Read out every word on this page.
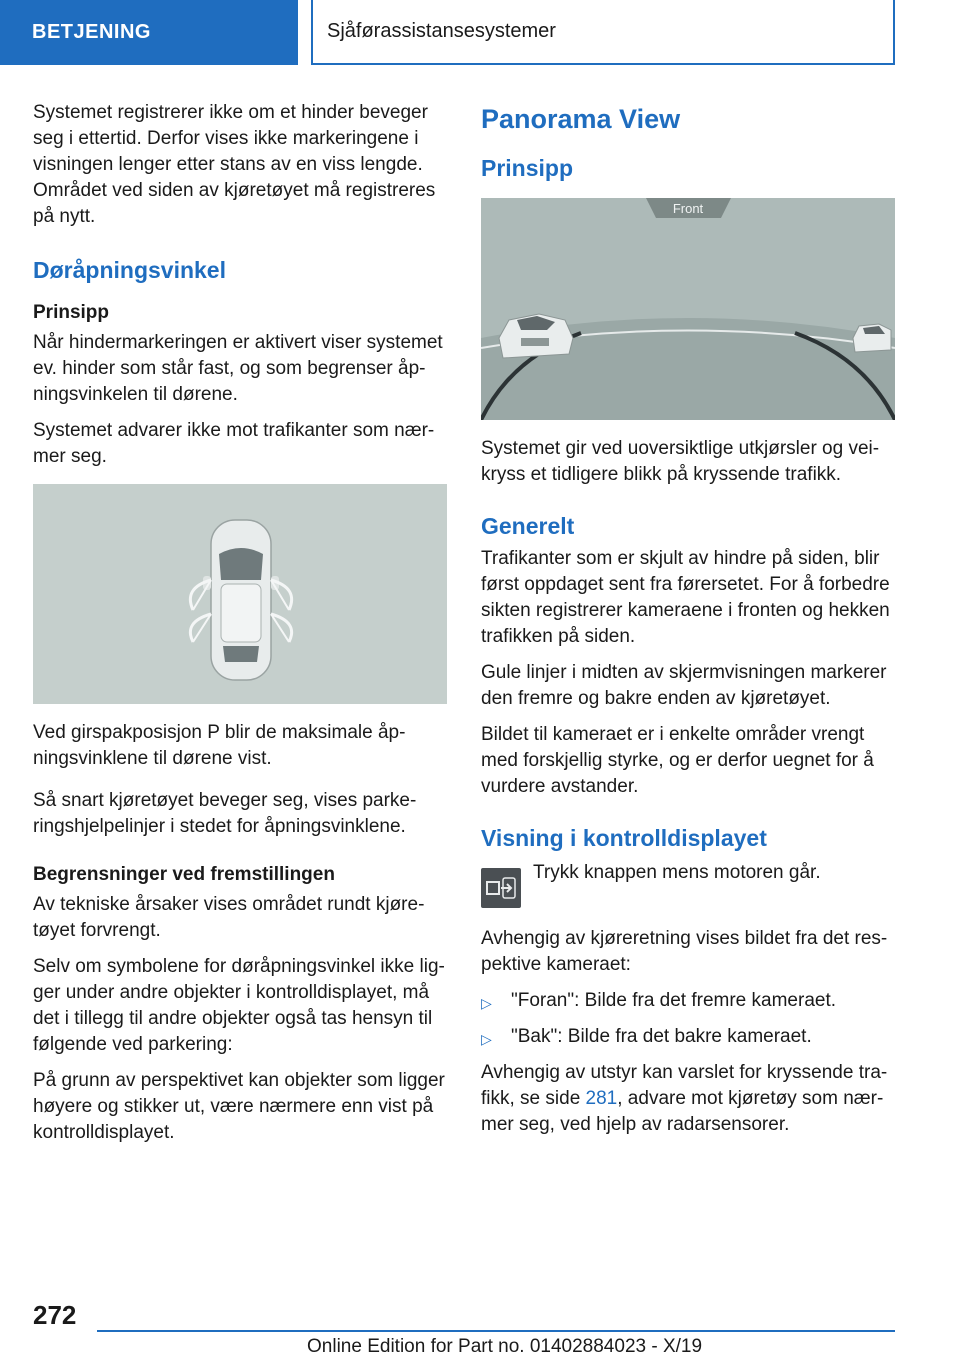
BETJENING	Sjåførassistansesystemer

Systemet registrerer ikke om et hinder beveger seg i ettertid. Derfor vises ikke markeringene i visningen lenger etter stans av en viss lengde. Området ved siden av kjøretøyet må registreres på nytt.

Døråpningsvinkel
Prinsipp

Når hindermarkeringen er aktivert viser systemet ev. hinder som står fast, og som begrenser åpningsvinkelen til dørene.

Systemet advarer ikke mot trafikanter som nærmer seg.

Ved girspakposisjon P blir de maksimale åpningsvinklene til dørene vist.

Så snart kjøretøyet beveger seg, vises parkeringshjelpelinjer i stedet for åpningsvinklene.

Begrensninger ved fremstillingen

Av tekniske årsaker vises området rundt kjøretøyet forvrengt.

Selv om symbolene for døråpningsvinkel ikke ligger under andre objekter i kontrolldisplayet, må det i tillegg til andre objekter også tas hensyn til følgende ved parkering:

På grunn av perspektivet kan objekter som ligger høyere og stikker ut, være nærmere enn vist på kontrolldisplayet.

Panorama View
Prinsipp
Front

Systemet gir ved uoversiktlige utkjørsler og veikryss et tidligere blikk på kryssende trafikk.

Generelt

Trafikanter som er skjult av hindre på siden, blir først oppdaget sent fra førersetet. For å forbedre sikten registrerer kameraene i fronten og hekken trafikken på siden.

Gule linjer i midten av skjermvisningen markerer den fremre og bakre enden av kjøretøyet.

Bildet til kameraet er i enkelte områder vrengt med forskjellig styrke, og er derfor uegnet for å vurdere avstander.

Visning i kontrolldisplayet

Trykk knappen mens motoren går.

Avhengig av kjøreretning vises bildet fra det respektive kameraet:

▷	"Foran": Bilde fra det fremre kameraet.
▷	"Bak": Bilde fra det bakre kameraet.

Avhengig av utstyr kan varslet for kryssende trafikk, se side 281, advare mot kjøretøy som nærmer seg, ved hjelp av radarsensorer.

272
Online Edition for Part no. 01402884023 - X/19
